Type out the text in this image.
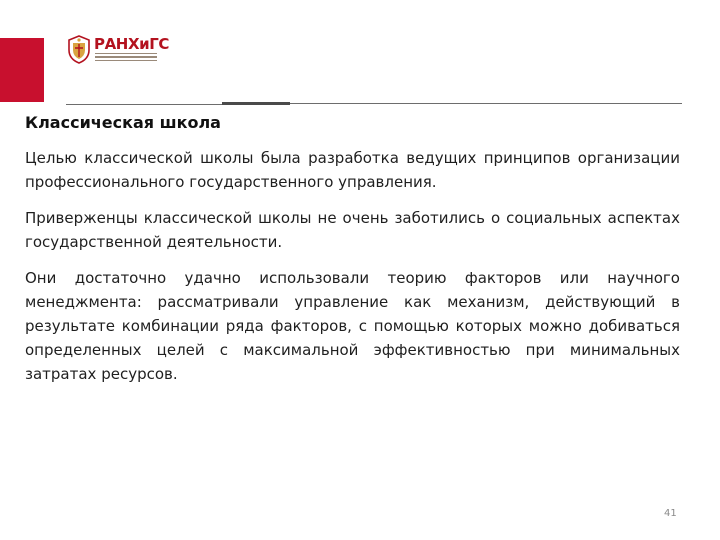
РАНХиГС
Классическая школа

Целью классической школы была разработка ведущих принципов организации профессионального государственного управления.

Приверженцы классической школы не очень заботились о социальных аспектах государственной деятельности.

Они достаточно удачно использовали теорию факторов или научного менеджмента: рассматривали управление как механизм, действующий в результате комбинации ряда факторов, с помощью которых можно добиваться определенных целей с максимальной эффективностью при минимальных затратах ресурсов.

41
